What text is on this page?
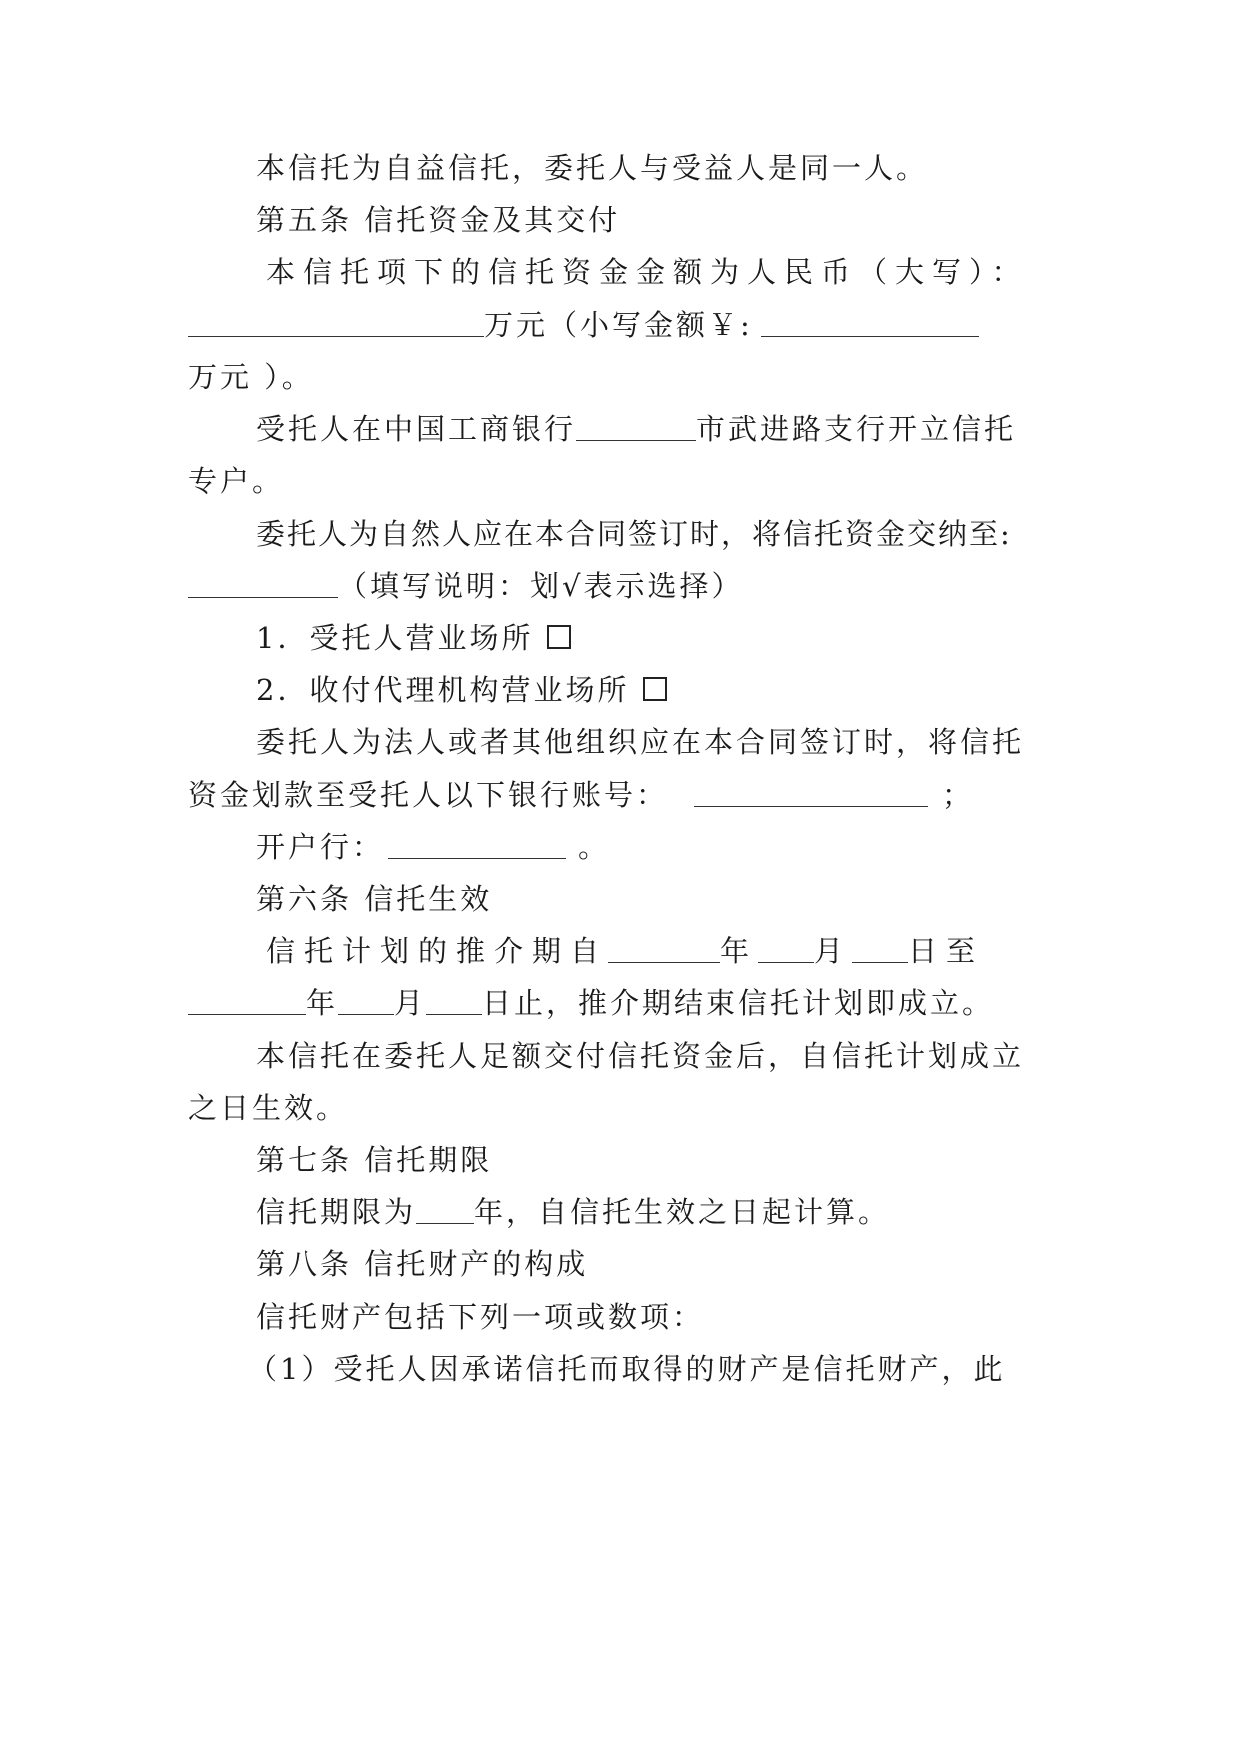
本信托为自益信托，委托人与受益人是同一人。
第五条 信托资金及其交付
本信托项下的信托资金金额为人民币（大写）：
万元（小写金额￥:
万元 ）。
受托人在中国工商银行	市武进路支行开立信托
专户。
委托人为自然人应在本合同签订时，将信托资金交纳至:
（填写说明：划√表示选择）
1．受托人营业场所
2．收付代理机构营业场所
委托人为法人或者其他组织应在本合同签订时，将信托
资金划款至受托人以下银行账号：	；
开户行：	。
第六条 信托生效
信托计划的推介期自	年 月 日至
年 月 日止，推介期结束信托计划即成立。
本信托在委托人足额交付信托资金后，自信托计划成立
之日生效。
第七条 信托期限
信托期限为 年，自信托生效之日起计算。
第八条 信托财产的构成
信托财产包括下列一项或数项：
（1）受托人因承诺信托而取得的财产是信托财产，此
